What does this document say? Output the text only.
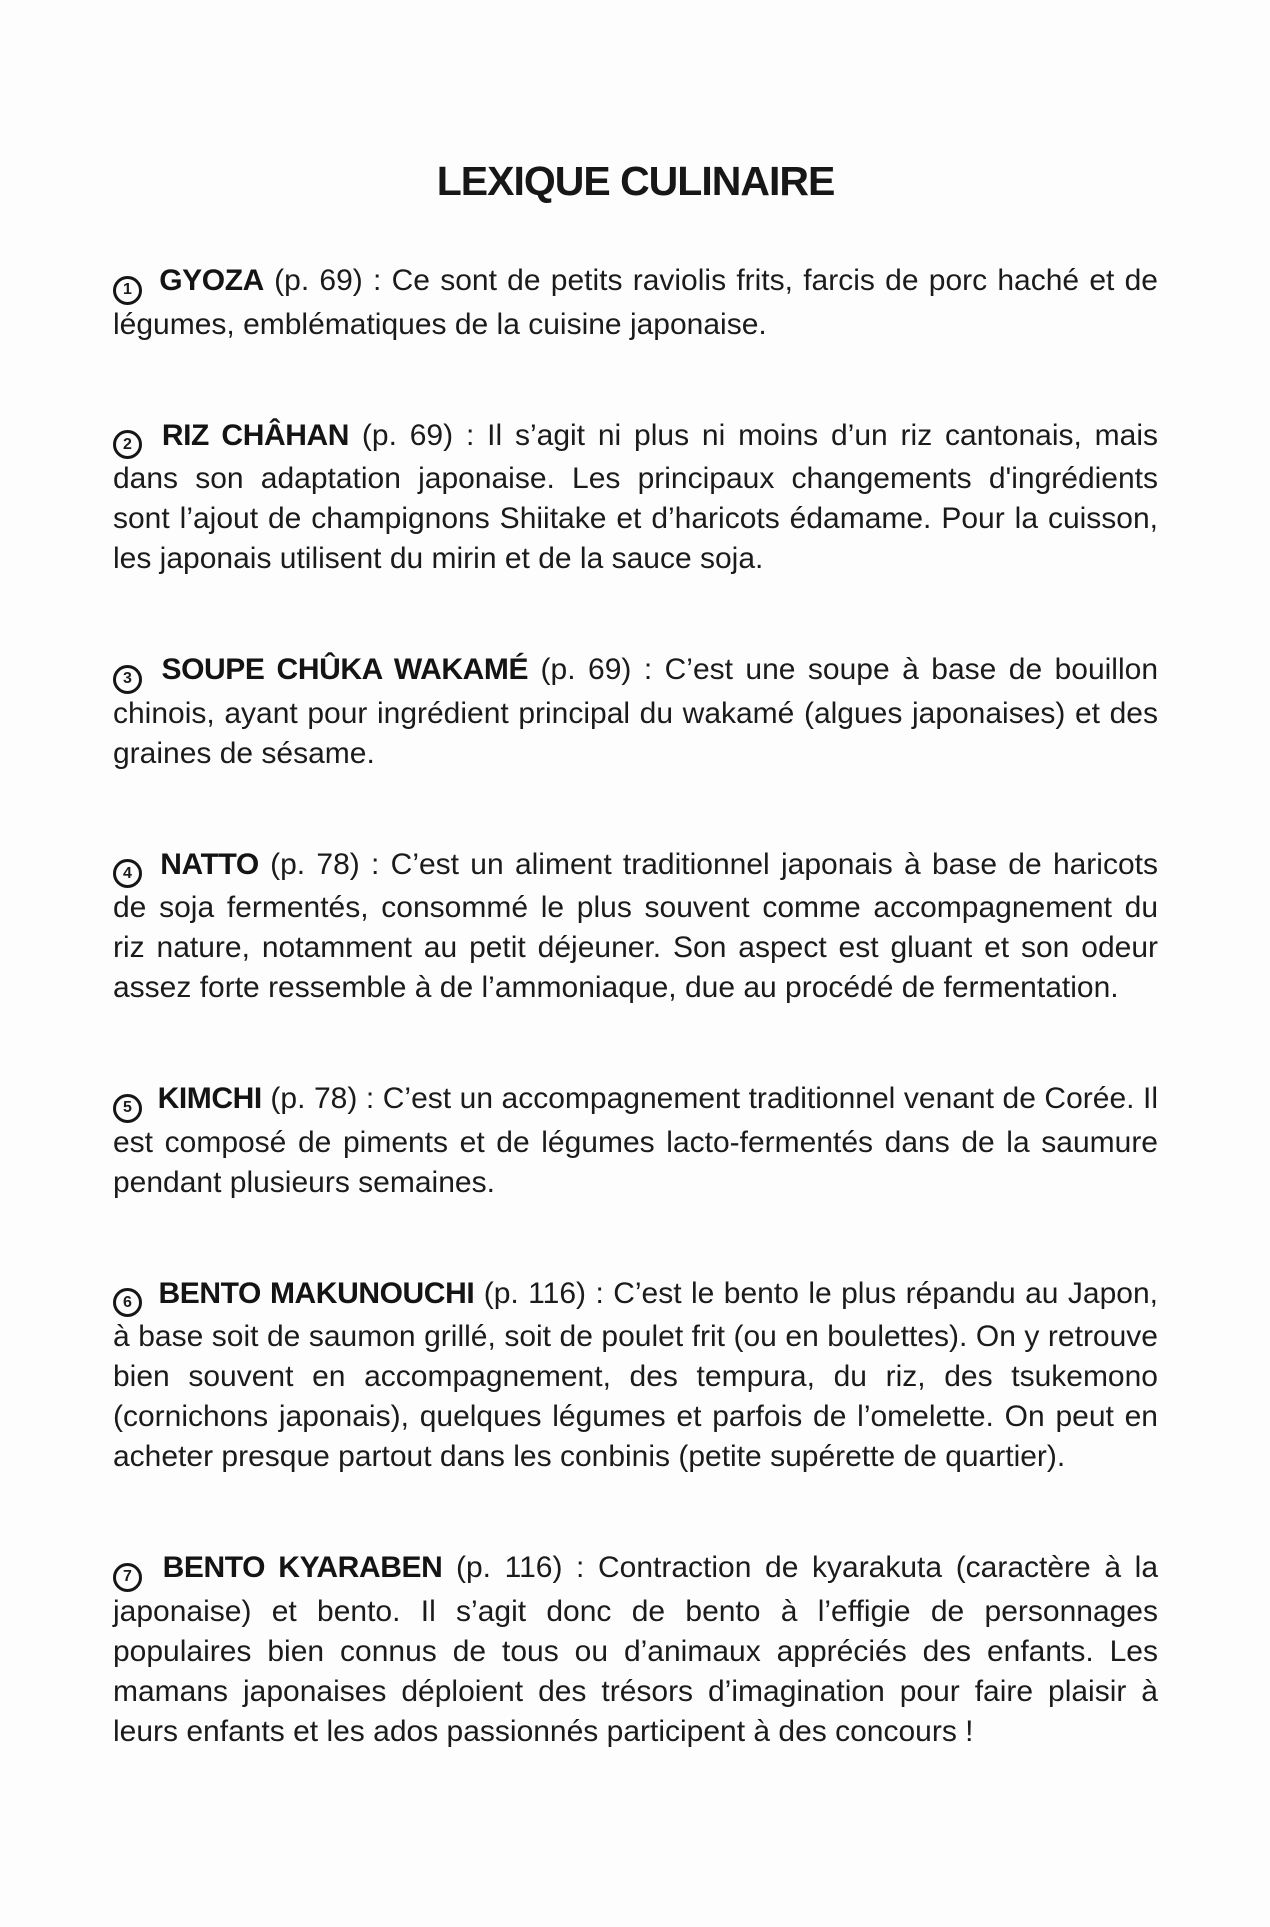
LEXIQUE CULINAIRE

1 GYOZA (p. 69) : Ce sont de petits raviolis frits, farcis de porc haché et de légumes, emblématiques de la cuisine japonaise.

2 RIZ CHÂHAN (p. 69) : Il s’agit ni plus ni moins d’un riz cantonais, mais dans son adaptation japonaise. Les principaux changements d'ingrédients sont l’ajout de champignons Shiitake et d’haricots édamame. Pour la cuisson, les japonais utilisent du mirin et de la sauce soja.

3 SOUPE CHÛKA WAKAMÉ (p. 69) : C’est une soupe à base de bouillon chinois, ayant pour ingrédient principal du wakamé (algues japonaises) et des graines de sésame.

4 NATTO (p. 78) : C’est un aliment traditionnel japonais à base de haricots de soja fermentés, consommé le plus souvent comme accompagnement du riz nature, notamment au petit déjeuner. Son aspect est gluant et son odeur assez forte ressemble à de l’ammoniaque, due au procédé de fermentation.

5 KIMCHI (p. 78) : C’est un accompagnement traditionnel venant de Corée. Il est composé de piments et de légumes lacto-fermentés dans de la saumure pendant plusieurs semaines.

6 BENTO MAKUNOUCHI (p. 116) : C’est le bento le plus répandu au Japon, à base soit de saumon grillé, soit de poulet frit (ou en boulettes). On y retrouve bien souvent en accompagnement, des tempura, du riz, des tsukemono (cornichons japonais), quelques légumes et parfois de l’omelette. On peut en acheter presque partout dans les conbinis (petite supérette de quartier).

7 BENTO KYARABEN (p. 116) : Contraction de kyarakuta (caractère à la japonaise) et bento. Il s’agit donc de bento à l’effigie de personnages populaires bien connus de tous ou d’animaux appréciés des enfants. Les mamans japonaises déploient des trésors d’imagination pour faire plaisir à leurs enfants et les ados passionnés participent à des concours !
